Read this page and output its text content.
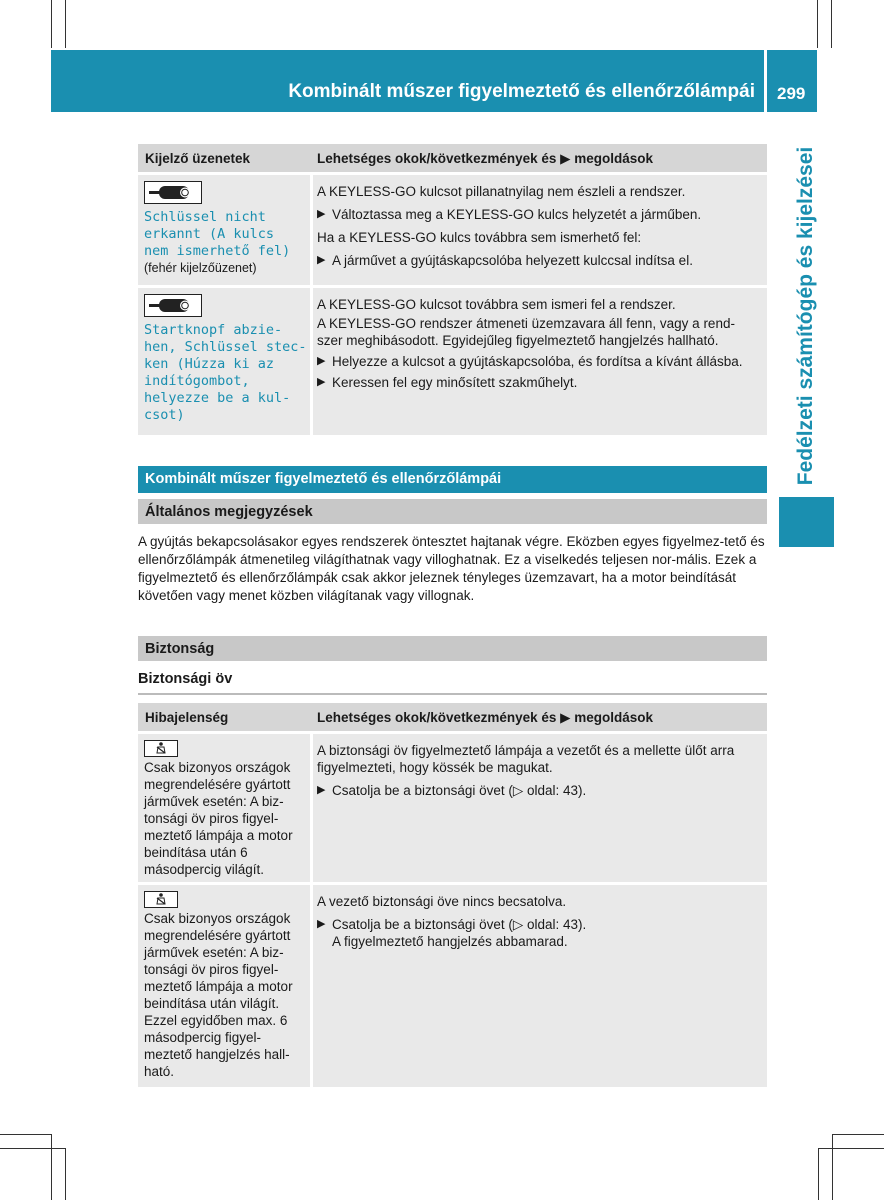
Kombinált műszer figyelmeztető és ellenőrzőlámpái 299
Fedélzeti számítógép és kijelzései
Kijelző üzenetek	Lehetséges okok/következmények és ▶ megoldások
Schlüssel nicht
erkannt (A kulcs
nem ismerhető fel)
(fehér kijelzőüzenet)

A KEYLESS-GO kulcsot pillanatnyilag nem észleli a rendszer.

▶ Változtassa meg a KEYLESS-GO kulcs helyzetét a járműben.

Ha a KEYLESS-GO kulcs továbbra sem ismerhető fel:

▶ A járművet a gyújtáskapcsolóba helyezett kulccsal indítsa el.

Startknopf abzie-
hen, Schlüssel stec-
ken (Húzza ki az
indítógombot,
helyezze be a kul-
csot)

A KEYLESS-GO kulcsot továbbra sem ismeri fel a rendszer.

A KEYLESS-GO rendszer átmeneti üzemzavara áll fenn, vagy a rend-szer meghibásodott. Egyidejűleg figyelmeztető hangjelzés hallható.

▶ Helyezze a kulcsot a gyújtáskapcsolóba, és fordítsa a kívánt állásba.

▶ Keressen fel egy minősített szakműhelyt.

Kombinált műszer figyelmeztető és ellenőrzőlámpái
Általános megjegyzések
A gyújtás bekapcsolásakor egyes rendszerek öntesztet hajtanak végre. Eközben egyes figyelmez-tető és ellenőrzőlámpák átmenetileg világíthatnak vagy villoghatnak. Ez a viselkedés teljesen nor-mális. Ezek a figyelmeztető és ellenőrzőlámpák csak akkor jeleznek tényleges üzemzavart, ha a motor beindítását követően vagy menet közben világítanak vagy villognak.
Biztonság
Biztonsági öv
Hibajelenség	Lehetséges okok/következmények és ▶ megoldások
Csak bizonyos országok megrendelésére gyártott járművek esetén: A biz-tonsági öv piros figyel-meztető lámpája a motor beindítása után 6 másodpercig világít.

A biztonsági öv figyelmeztető lámpája a vezetőt és a mellette ülőt arra figyelmezteti, hogy kössék be magukat.

▶ Csatolja be a biztonsági övet (▷ oldal: 43).

Csak bizonyos országok megrendelésére gyártott járművek esetén: A biz-tonsági öv piros figyel-meztető lámpája a motor beindítása után világít. Ezzel egyidőben max. 6 másodpercig figyel-meztető hangjelzés hall-ható.

A vezető biztonsági öve nincs becsatolva.

▶ Csatolja be a biztonsági övet (▷ oldal: 43).

A figyelmeztető hangjelzés abbamarad.
